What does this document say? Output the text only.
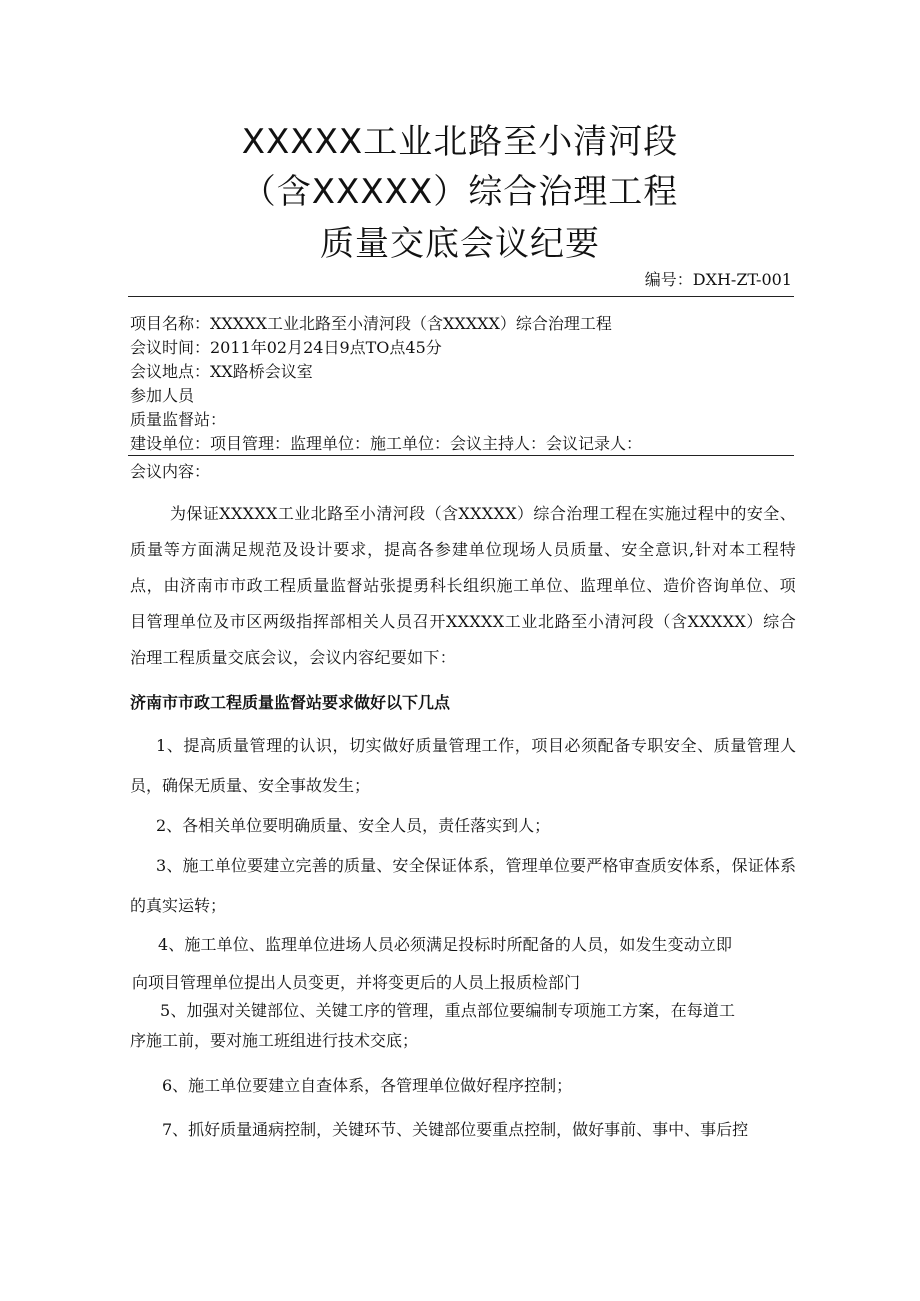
XXXXX工业北路至小清河段
（含XXXXX）综合治理工程
质量交底会议纪要
编号：DXH-ZT-001
项目名称：XXXXX工业北路至小清河段（含XXXXX）综合治理工程
会议时间：2011年02月24日9点TO点45分
会议地点：XX路桥会议室
参加人员
质量监督站：
建设单位：项目管理：监理单位：施工单位：会议主持人：会议记录人：
会议内容：
为保证XXXXX工业北路至小清河段（含XXXXX）综合治理工程在实施过程中的安全、质量等方面满足规范及设计要求，提高各参建单位现场人员质量、安全意识,针对本工程特点，由济南市市政工程质量监督站张提勇科长组织施工单位、监理单位、造价咨询单位、项目管理单位及市区两级指挥部相关人员召开XXXXX工业北路至小清河段（含XXXXX）综合治理工程质量交底会议，会议内容纪要如下：
济南市市政工程质量监督站要求做好以下几点
1、提高质量管理的认识，切实做好质量管理工作，项目必须配备专职安全、质量管理人员，确保无质量、安全事故发生；
2、各相关单位要明确质量、安全人员，责任落实到人；
3、施工单位要建立完善的质量、安全保证体系，管理单位要严格审查质安体系，保证体系的真实运转；
4、施工单位、监理单位进场人员必须满足投标时所配备的人员，如发生变动立即向项目管理单位提出人员变更，并将变更后的人员上报质检部门
5、加强对关键部位、关键工序的管理，重点部位要编制专项施工方案，在每道工序施工前，要对施工班组进行技术交底；
6、施工单位要建立自查体系，各管理单位做好程序控制；
7、抓好质量通病控制，关键环节、关键部位要重点控制，做好事前、事中、事后控
